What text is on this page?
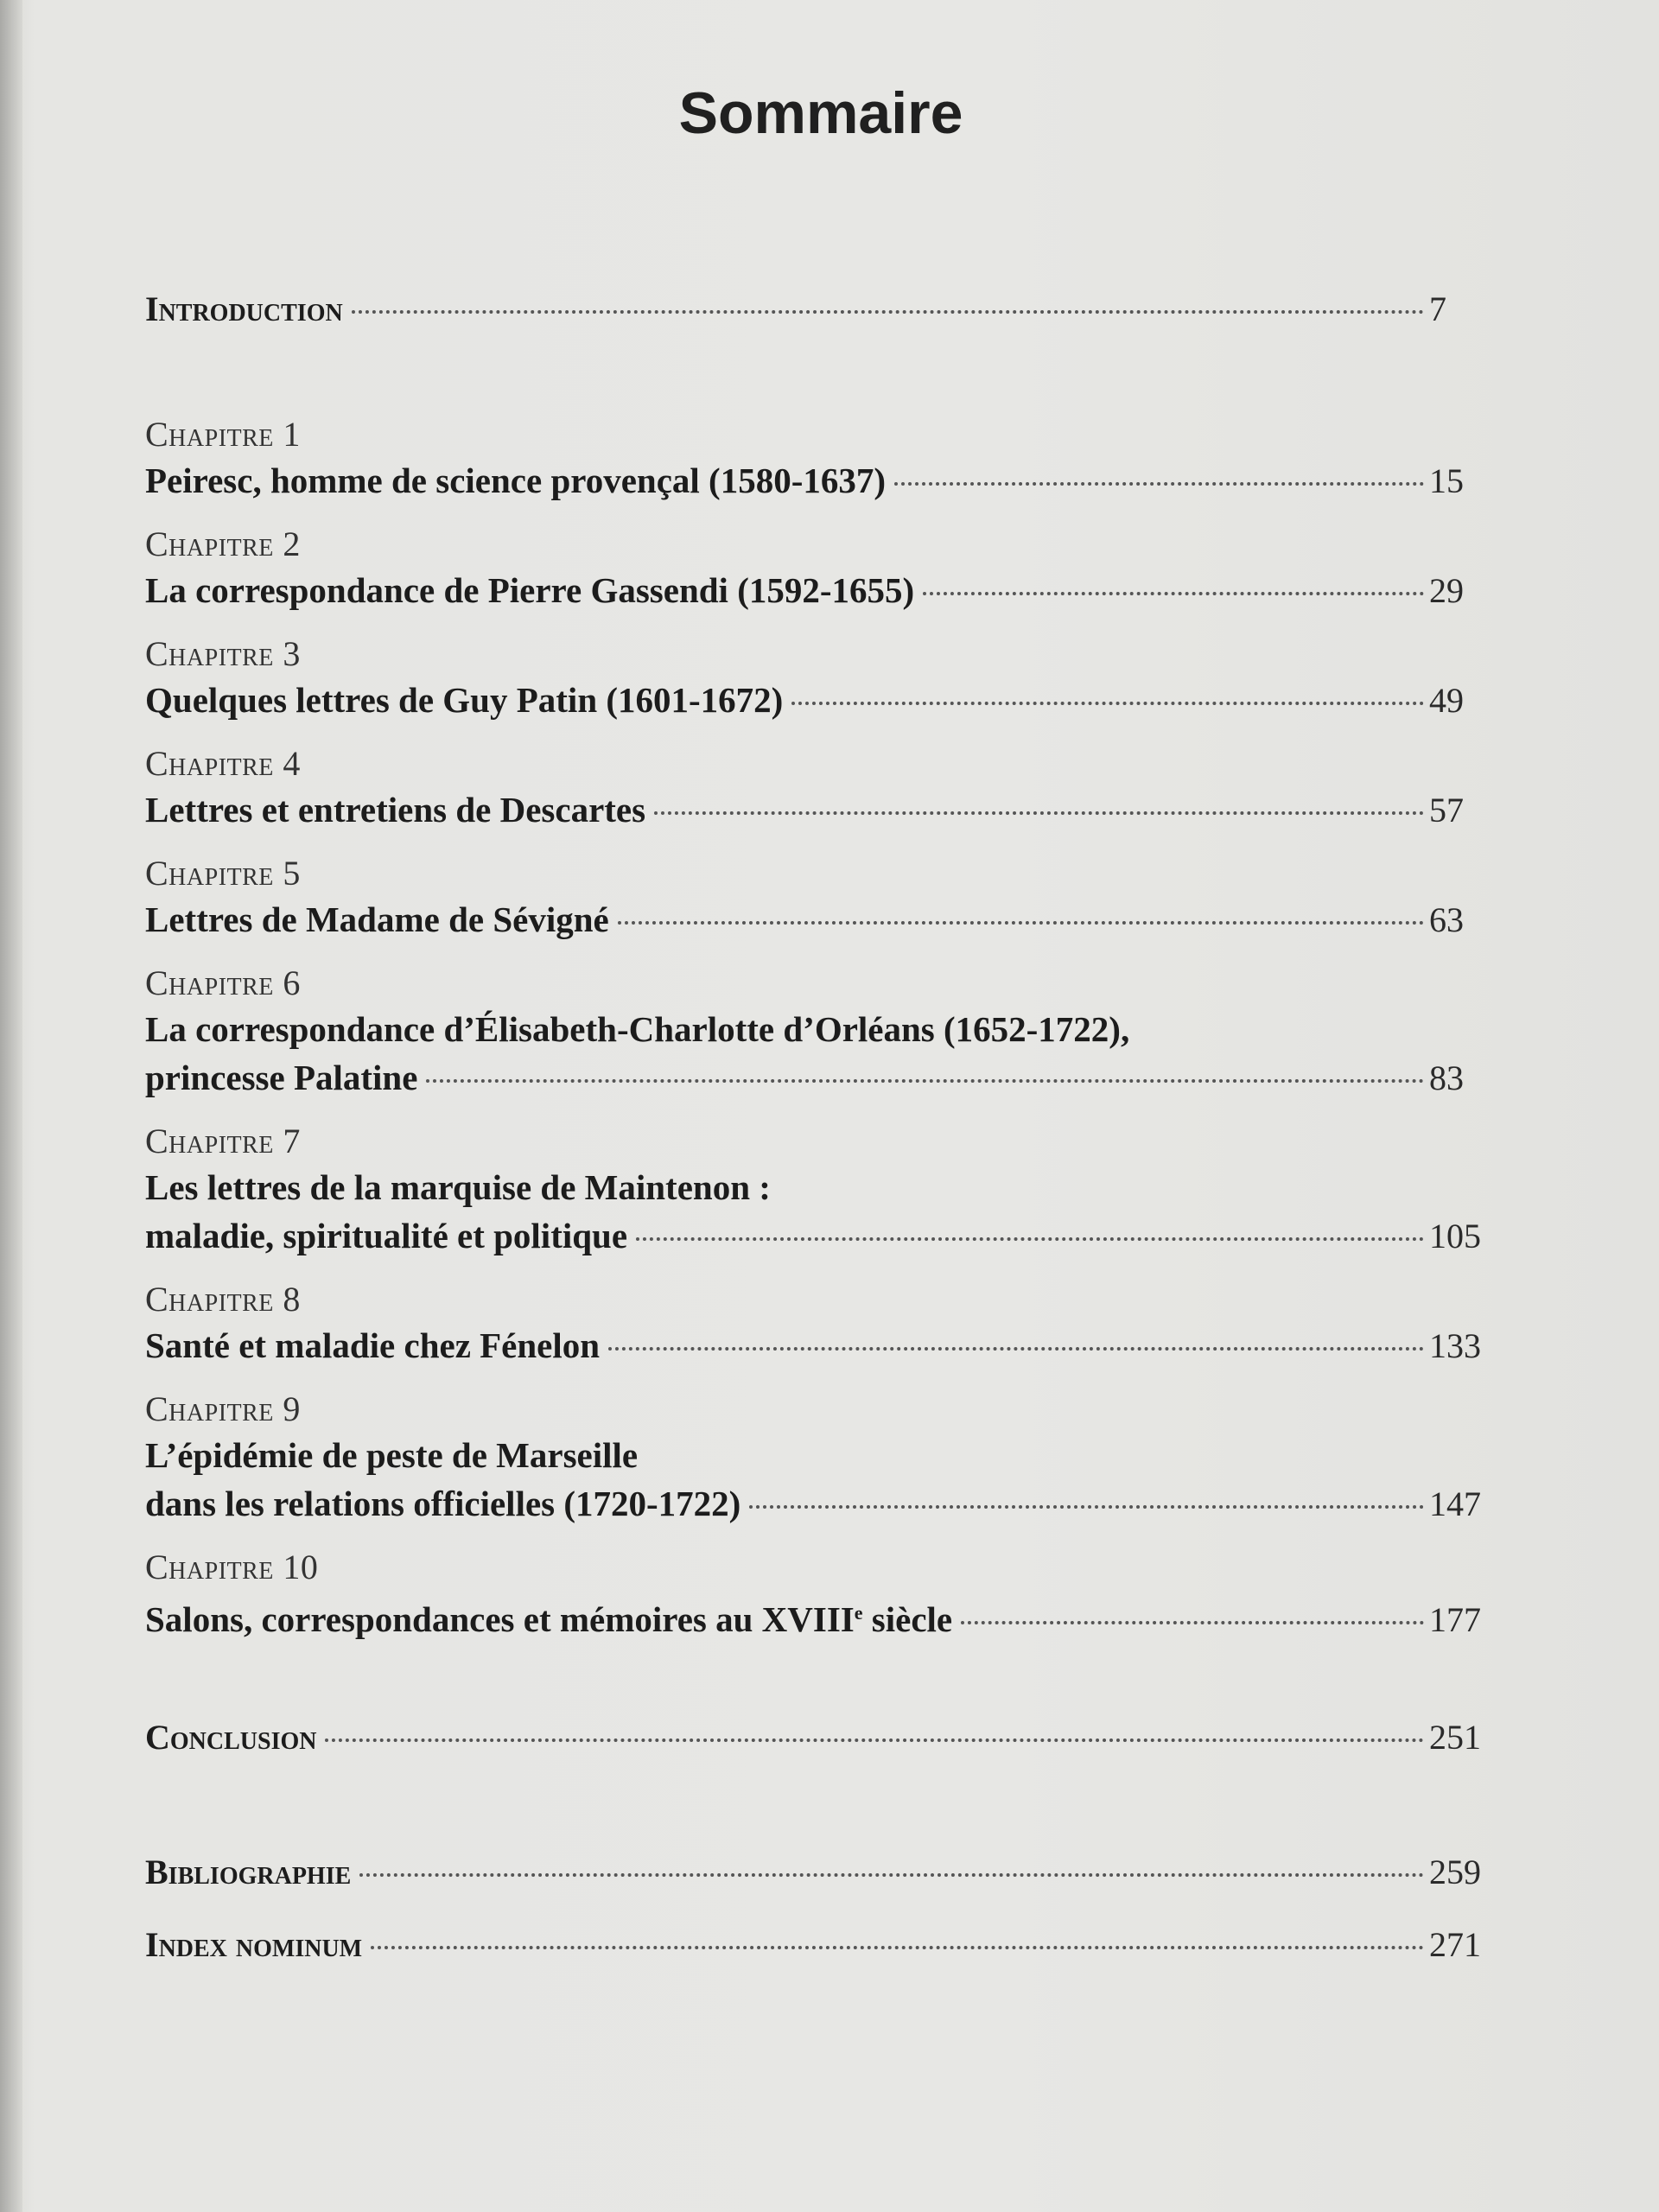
Sommaire
Introduction	7
Chapitre 1
Peiresc, homme de science provençal (1580-1637)	15
Chapitre 2
La correspondance de Pierre Gassendi (1592-1655)	29
Chapitre 3
Quelques lettres de Guy Patin (1601-1672)	49
Chapitre 4
Lettres et entretiens de Descartes	57
Chapitre 5
Lettres de Madame de Sévigné	63
Chapitre 6
La correspondance d’Élisabeth-Charlotte d’Orléans (1652-1722),
princesse Palatine	83
Chapitre 7
Les lettres de la marquise de Maintenon :
maladie, spiritualité et politique	105
Chapitre 8
Santé et maladie chez Fénelon	133
Chapitre 9
L’épidémie de peste de Marseille
dans les relations officielles (1720-1722)	147
Chapitre 10
Salons, correspondances et mémoires au XVIIIe siècle	177
Conclusion	251
Bibliographie	259
Index nominum	271
